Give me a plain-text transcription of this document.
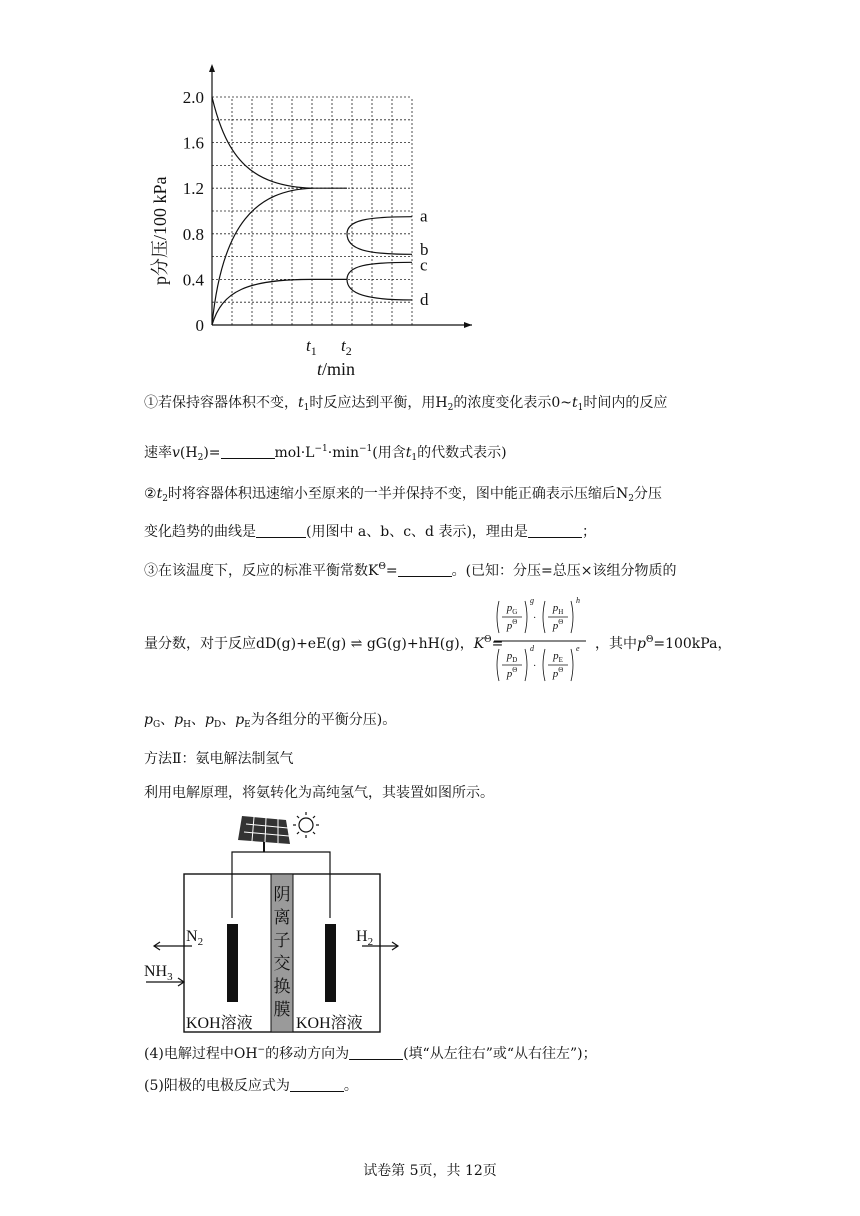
2.0
1.6
1.2
0.8
0.4
0
p分压/100 kPa
$t_1$ $t_2$
t/min
a
b
c
d
①若保持容器体积不变，$t_1$时反应达到平衡，用$H_2$的浓度变化表示$0\sim t_1$时间内的反应
速率$v(H_2)=$	$mol\cdot L^{-1}\cdot\min^{-1}$(用含$t_1$的代数式表示)
$②t_2$时将容器体积迅速缩小至原来的一半并保持不变，图中能正确表示压缩后$N_2$分压
变化趋势的曲线是	(用图中 a、b、c、d 表示)，理由是	；
③在该温度下，反应的标准平衡常数$K^\Theta=$	。(已知：分压=总压×该组分物质的
量分数，对于反应dD(g)+eE(g) ⇌ gG(g)+hH(g)，$K^\Theta=$
$p_G$
$p^\Theta$
g
·
$p_H$
$p^\Theta$
h
$p_D$
$p^\Theta$
d
·
$p_E$
$p^\Theta$
e ，其中$p^\Theta=100kPa$，
$p_G$、$p_H$、$p_D$、$p_E$为各组分的平衡分压)。
方法Ⅱ：氨电解法制氢气
利用电解原理，将氨转化为高纯氢气，其装置如图所示。
$N_2$
$NH_3$
$H_2$
阴
离
子
交
换
膜
KOH溶液	KOH溶液
(4)电解过程中OH−的移动方向为	(填“从左往右”或“从右往左”)；
(5)阳极的电极反应式为	。
试卷第 5页，共 12页
